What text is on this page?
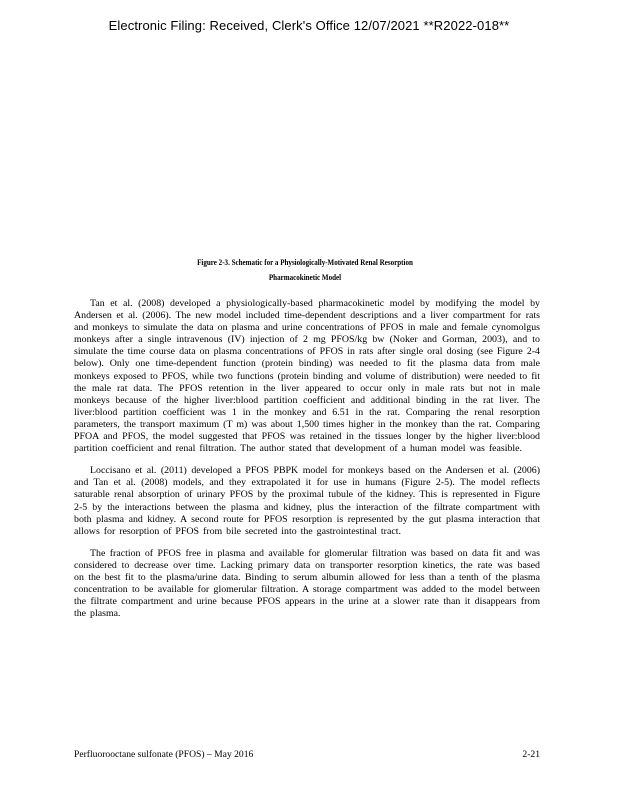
Electronic Filing: Received, Clerk's Office 12/07/2021 **R2022-018**
Figure 2-3. Schematic for a Physiologically-Motivated Renal Resorption
Pharmacokinetic Model

Tan et al. (2008) developed a physiologically-based pharmacokinetic model by modifying the model by Andersen et al. (2006). The new model included time-dependent descriptions and a liver compartment for rats and monkeys to simulate the data on plasma and urine concentrations of PFOS in male and female cynomolgus monkeys after a single intravenous (IV) injection of 2 mg PFOS/kg bw (Noker and Gorman, 2003), and to simulate the time course data on plasma concentrations of PFOS in rats after single oral dosing (see Figure 2-4 below). Only one time-dependent function (protein binding) was needed to fit the plasma data from male monkeys exposed to PFOS, while two functions (protein binding and volume of distribution) were needed to fit the male rat data. The PFOS retention in the liver appeared to occur only in male rats but not in male monkeys because of the higher liver:blood partition coefficient and additional binding in the rat liver. The liver:blood partition coefficient was 1 in the monkey and 6.51 in the rat. Comparing the renal resorption parameters, the transport maximum (T m) was about 1,500 times higher in the monkey than the rat. Comparing PFOA and PFOS, the model suggested that PFOS was retained in the tissues longer by the higher liver:blood partition coefficient and renal filtration. The author stated that development of a human model was feasible.

Loccisano et al. (2011) developed a PFOS PBPK model for monkeys based on the Andersen et al. (2006) and Tan et al. (2008) models, and they extrapolated it for use in humans (Figure 2-5). The model reflects saturable renal absorption of urinary PFOS by the proximal tubule of the kidney. This is represented in Figure 2-5 by the interactions between the plasma and kidney, plus the interaction of the filtrate compartment with both plasma and kidney. A second route for PFOS resorption is represented by the gut plasma interaction that allows for resorption of PFOS from bile secreted into the gastrointestinal tract.

The fraction of PFOS free in plasma and available for glomerular filtration was based on data fit and was considered to decrease over time. Lacking primary data on transporter resorption kinetics, the rate was based on the best fit to the plasma/urine data. Binding to serum albumin allowed for less than a tenth of the plasma concentration to be available for glomerular filtration. A storage compartment was added to the model between the filtrate compartment and urine because PFOS appears in the urine at a slower rate than it disappears from the plasma.

Perfluorooctane sulfonate (PFOS) – May 2016	2-21
